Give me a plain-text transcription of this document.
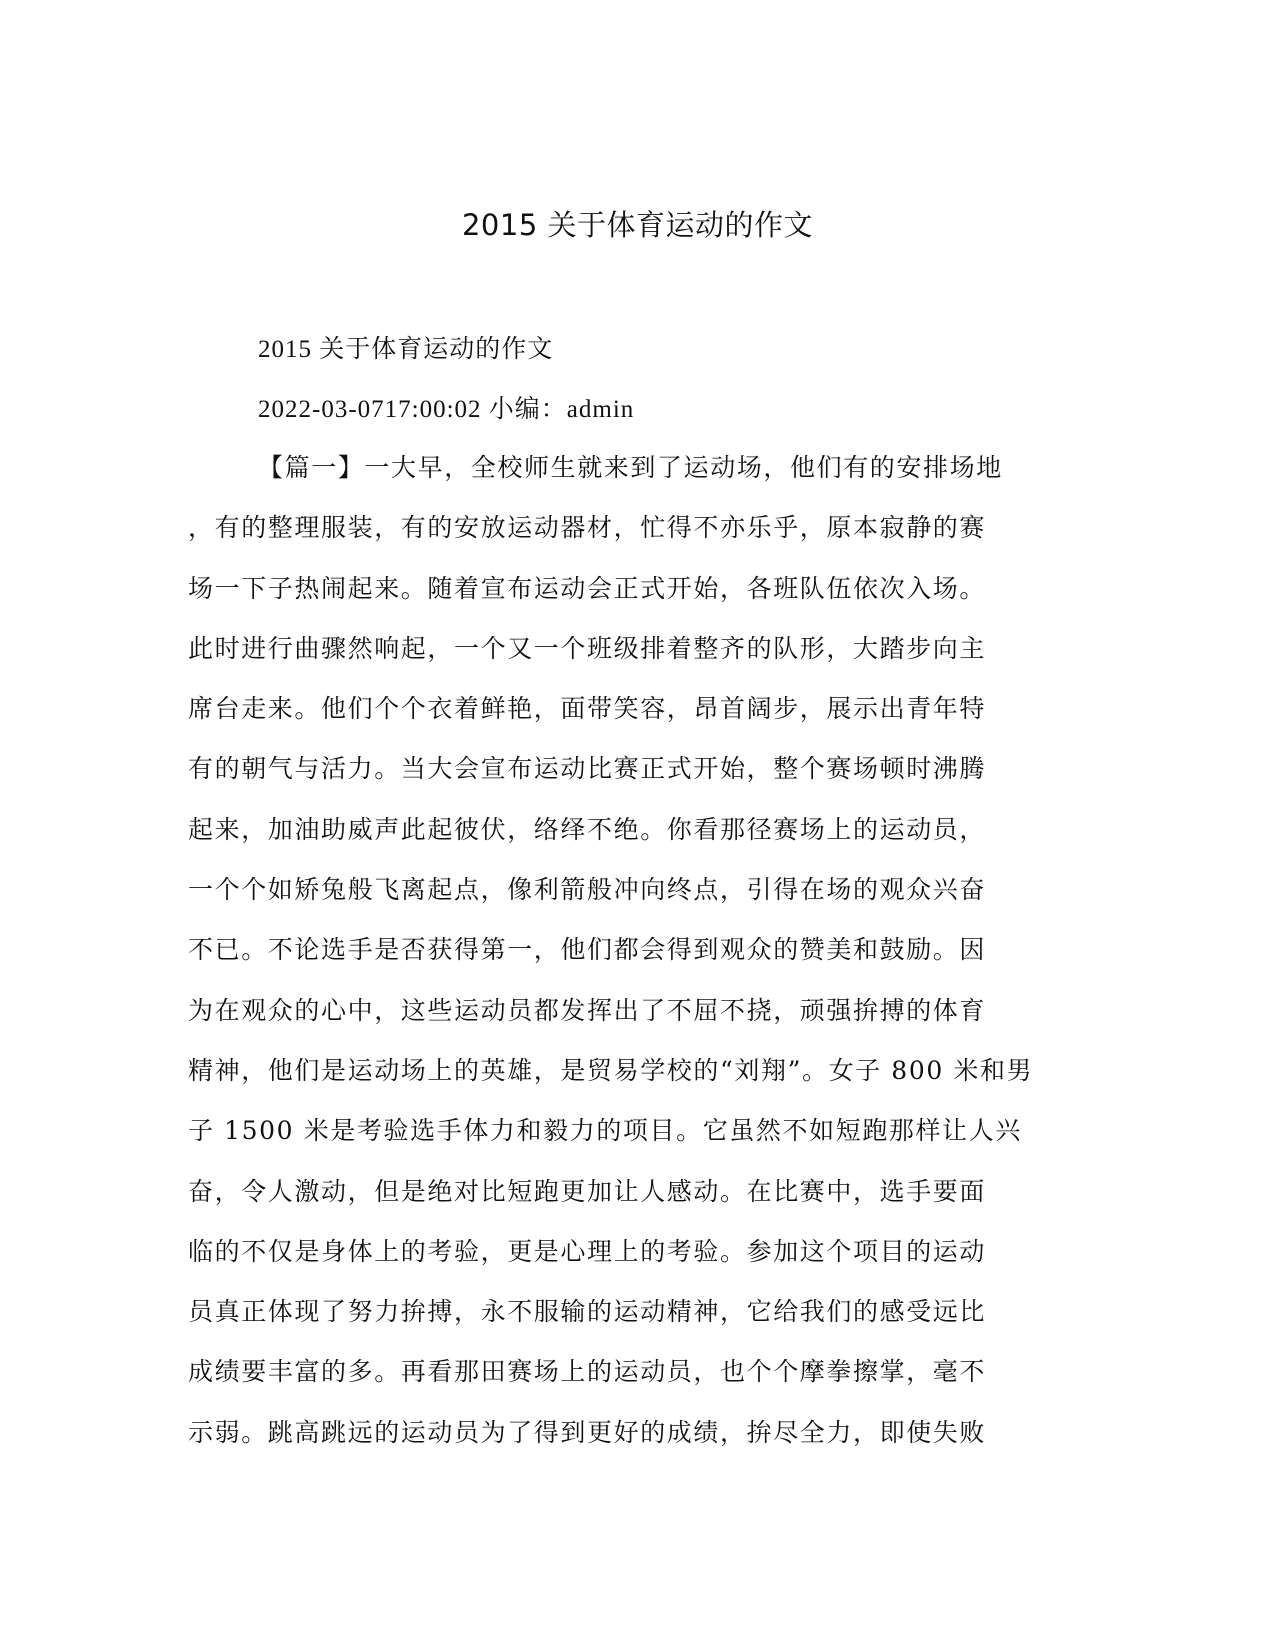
2015 关于体育运动的作文
2015 关于体育运动的作文
2022-03-0717:00:02 小编：admin
【篇一】一大早，全校师生就来到了运动场，他们有的安排场地
，有的整理服装，有的安放运动器材，忙得不亦乐乎，原本寂静的赛
场一下子热闹起来。随着宣布运动会正式开始，各班队伍依次入场。
此时进行曲骤然响起，一个又一个班级排着整齐的队形，大踏步向主
席台走来。他们个个衣着鲜艳，面带笑容，昂首阔步，展示出青年特
有的朝气与活力。当大会宣布运动比赛正式开始，整个赛场顿时沸腾
起来，加油助威声此起彼伏，络绎不绝。你看那径赛场上的运动员，
一个个如矫兔般飞离起点，像利箭般冲向终点，引得在场的观众兴奋
不已。不论选手是否获得第一，他们都会得到观众的赞美和鼓励。因
为在观众的心中，这些运动员都发挥出了不屈不挠，顽强拚搏的体育
精神，他们是运动场上的英雄，是贸易学校的“刘翔”。女子 800 米和男
子 1500 米是考验选手体力和毅力的项目。它虽然不如短跑那样让人兴
奋，令人激动，但是绝对比短跑更加让人感动。在比赛中，选手要面
临的不仅是身体上的考验，更是心理上的考验。参加这个项目的运动
员真正体现了努力拚搏，永不服输的运动精神，它给我们的感受远比
成绩要丰富的多。再看那田赛场上的运动员，也个个摩拳擦掌，毫不
示弱。跳高跳远的运动员为了得到更好的成绩，拚尽全力，即使失败
